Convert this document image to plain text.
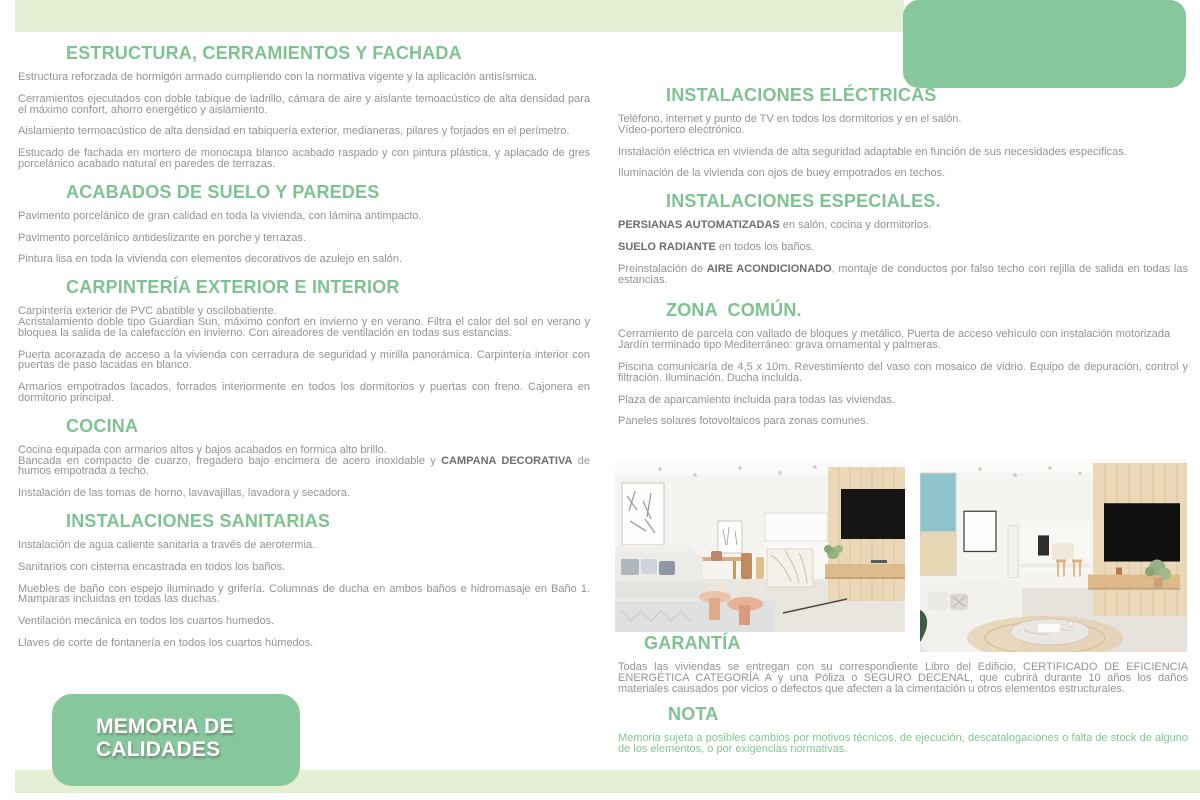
ESTRUCTURA, CERRAMIENTOS Y FACHADA

Estructura reforzada de hormigón armado cumpliendo con la normativa vigente y la aplicación antisísmica.

Cerramientos ejecutados con doble tabique de ladrillo, cámara de aire y aislante temoacústico de alta densidad para el máximo confort, ahorro energético y aislamiento.

Aislamiento termoacústico de alta densidad en tabiquería exterior, medianeras, pilares y forjados en el perímetro.

Estucado de fachada en mortero de monocapa blanco acabado raspado y con pintura plástica, y aplacado de gres porcelánico acabado natural en paredes de terrazas.

ACABADOS DE SUELO Y PAREDES

Pavimento porcelánico de gran calidad en toda la vivienda, con lámina antimpacto.

Pavimento porcelánico antideslizante en porche y terrazas.

Pintura lisa en toda la vivienda con elementos decorativos de azulejo en salón.

CARPINTERÍA EXTERIOR E INTERIOR

Carpintería exterior de PVC abatible y oscilobatiente.
Acristalamiento doble tipo Guardian Sun, máximo confort en invierno y en verano. Filtra el calor del sol en verano y bloquea la salida de la calefacción en invierno. Con aireadores de ventilación en todas sus estancias.

Puerta acorazada de acceso a la vivienda con cerradura de seguridad y mirilla panorámica. Carpintería interior con puertas de paso lacadas en blanco.

Armarios empotrados lacados, forrados interiormente en todos los dormitorios y puertas con freno. Cajonera en dormitorio principal.

COCINA

Cocina equipada con armarios altos y bajos acabados en formica alto brillo.
Bancada en compacto de cuarzo, fregadero bajo encimera de acero inoxidable y CAMPANA DECORATIVA de humos empotrada a techo.

Instalación de las tomas de horno, lavavajillas, lavadora y secadora.

INSTALACIONES SANITARIAS

Instalación de agua caliente sanitaria a través de aerotermia.

Sanitarios con cisterna encastrada en todos los baños.

Muebles de baño con espejo iluminado y grifería. Columnas de ducha en ambos baños e hidromasaje en Baño 1. Mamparas incluidas en todas las duchas.

Ventilación mecánica en todos los cuartos humedos.

Llaves de corte de fontanería en todos los cuartos húmedos.

INSTALACIONES ELÉCTRICAS

Teléfono, internet y punto de TV en todos los dormitorios y en el salón.
Vídeo-portero electrónico.

Instalación eléctrica en vivienda de alta seguridad adaptable en función de sus necesidades especificas.

Iluminación de la vivienda con ojos de buey empotrados en techos.

INSTALACIONES ESPECIALES.

PERSIANAS AUTOMATIZADAS en salón, cocina y dormitorios.

SUELO RADIANTE en todos los baños.

Preinstalación de AIRE ACONDICIONADO, montaje de conductos por falso techo con rejilla de salida en todas las estancias.

ZONA  COMÚN.

Cerramiento de parcela con vallado de bloques y metálico. Puerta de acceso vehículo con instalación motorizada
Jardín terminado tipo Mediterráneo: grava ornamental y palmeras.

Piscina comunicaría de 4,5 x 10m. Revestimiento del vaso con mosaico de vidrio. Equipo de depuración, control y filtración. Iluminación. Ducha incluida.

Plaza de aparcamiento incluida para todas las viviendas.

Paneles solares fotovoltaicos para zonas comunes.

GARANTÍA

Todas las viviendas se entregan con su correspondiente Libro del Edificio, CERTIFICADO DE EFICIENCIA ENERGÉTICA CATEGORÍA A y una Póliza o SEGURO DECENAL, que cubrirá durante 10 años los daños materiales causados por vicios o defectos que afecten a la cimentación u otros elementos estructurales.

NOTA

Memoria sujeta a posibles cambios por motivos técnicos, de ejecución, descatalogaciones o falta de stock de alguno de los elementos, o por exigencias normativas.

MEMORIA DE CALIDADES
